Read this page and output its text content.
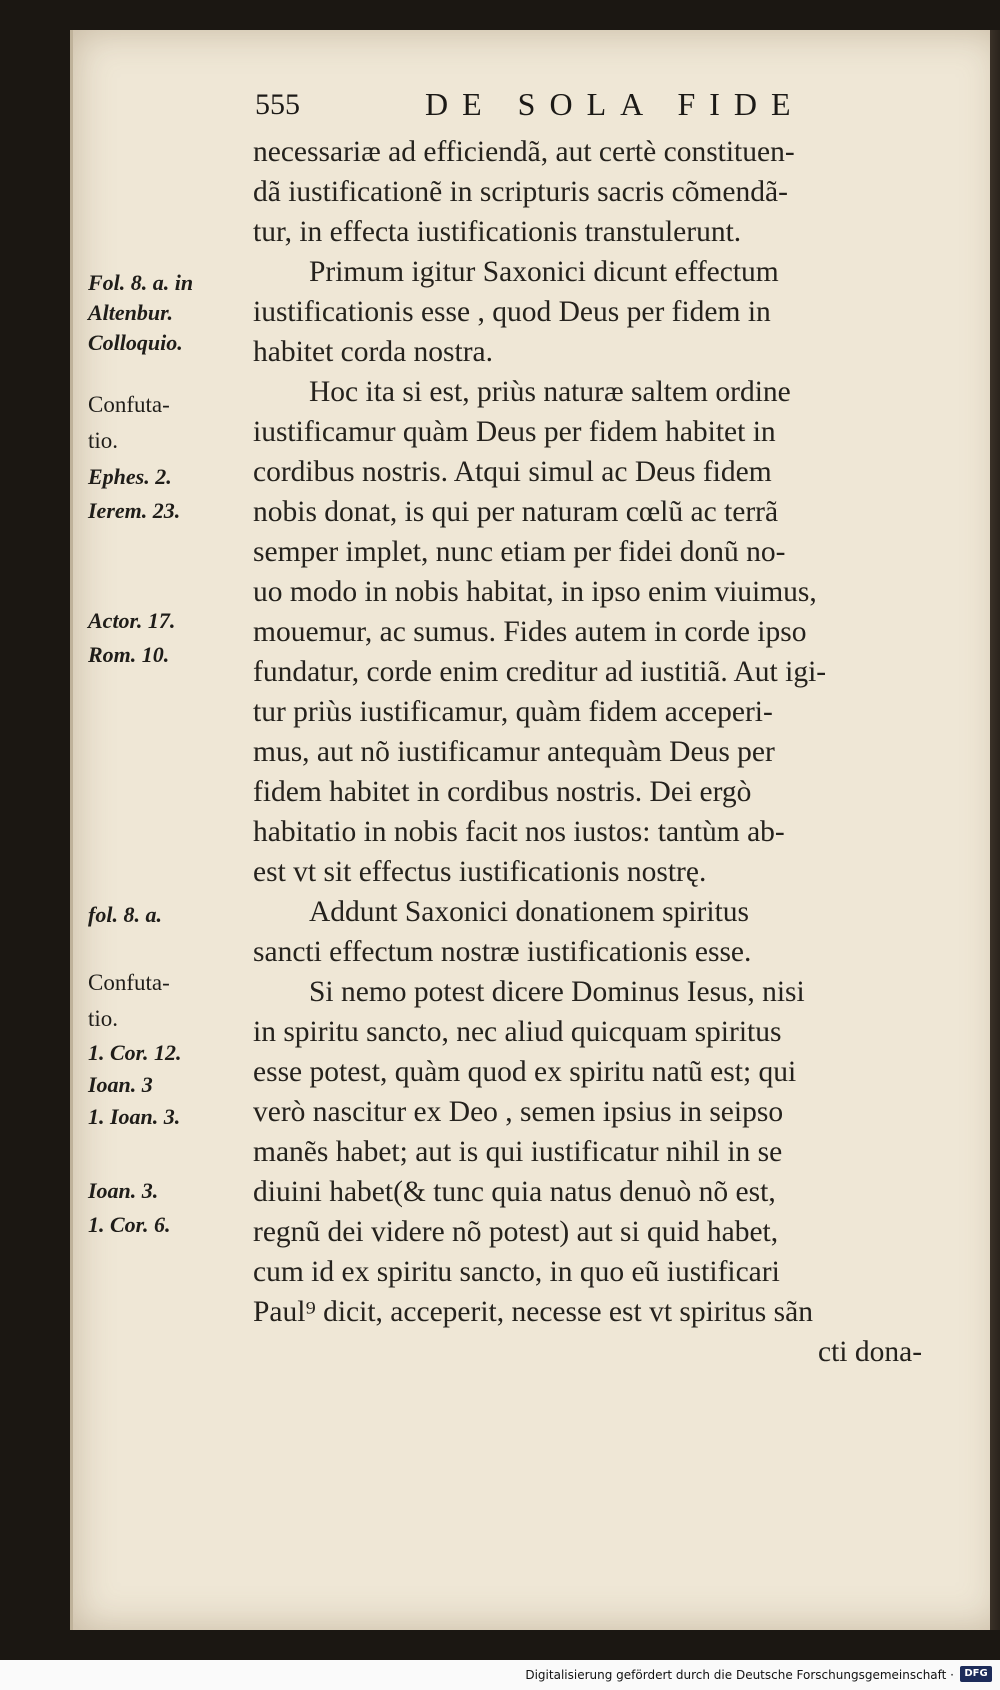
555	DE SOLA FIDE
necessariæ ad efficiendã, aut certè constituen-
dã iustificationẽ in scripturis sacris cõmendã-
tur, in effecta iustificationis transtulerunt.
Primum igitur Saxonici dicunt effectum
iustificationis esse , quod Deus per fidem in
habitet corda nostra.
Hoc ita si est, priùs naturæ saltem ordine
iustificamur quàm Deus per fidem habitet in
cordibus nostris. Atqui simul ac Deus fidem
nobis donat, is qui per naturam cœlũ ac terrã
semper implet, nunc etiam per fidei donũ no-
uo modo in nobis habitat, in ipso enim viuimus,
mouemur, ac sumus. Fides autem in corde ipso
fundatur, corde enim creditur ad iustitiã. Aut igi-
tur priùs iustificamur, quàm fidem acceperi-
mus, aut nõ iustificamur antequàm Deus per
fidem habitet in cordibus nostris. Dei ergò
habitatio in nobis facit nos iustos: tantùm ab-
est vt sit effectus iustificationis nostrę.
Addunt Saxonici donationem spiritus
sancti effectum nostræ iustificationis esse.
Si nemo potest dicere Dominus Iesus, nisi
in spiritu sancto, nec aliud quicquam spiritus
esse potest, quàm quod ex spiritu natũ est; qui
verò nascitur ex Deo , semen ipsius in seipso
manẽs habet; aut is qui iustificatur nihil in se
diuini habet(& tunc quia natus denuò nõ est,
regnũ dei videre nõ potest) aut si quid habet,
cum id ex spiritu sancto, in quo eũ iustificari
Paul⁹ dicit, acceperit, necesse est vt spiritus sãn
cti dona-
Fol. 8. a. in
Altenbur.
Colloquio.
Confuta-
tio.
Ephes. 2.
Ierem. 23.
Actor. 17.
Rom. 10.
fol. 8. a.
Confuta-
tio.
1. Cor. 12.
Ioan. 3
1. Ioan. 3.
Ioan. 3.
1. Cor. 6.
Digitalisierung gefördert durch die Deutsche Forschungsgemeinschaft ·	DFG
